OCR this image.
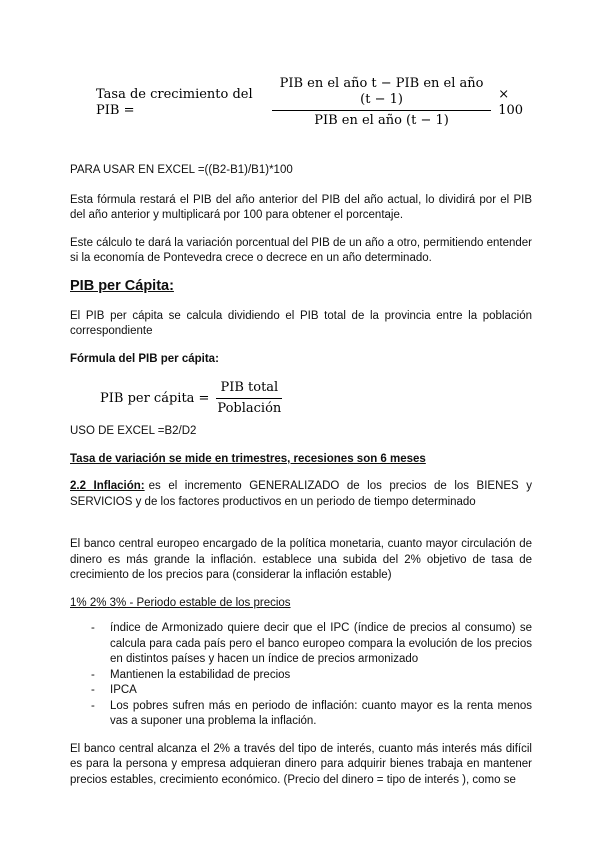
Tasa de crecimiento del PIB =	$\frac{\text{PIB en el año t − PIB en el año (t − 1)}}{\text{PIB en el año (t − 1)}} \times 100$

PARA USAR EN EXCEL =((B2-B1)/B1)*100

Esta fórmula restará el PIB del año anterior del PIB del año actual, lo dividirá por el PIB del año anterior y multiplicará por 100 para obtener el porcentaje.

Este cálculo te dará la variación porcentual del PIB de un año a otro, permitiendo entender si la economía de Pontevedra crece o decrece en un año determinado.

PIB per Cápita:

El PIB per cápita se calcula dividiendo el PIB total de la provincia entre la población correspondiente

Fórmula del PIB per cápita:
PIB per cápita = $\frac{\text{PIB total}}{\text{Población}}$

USO DE EXCEL =B2/D2

Tasa de variación se mide en trimestres, recesiones son 6 meses

2.2 Inflación: es el incremento GENERALIZADO de los precios de los BIENES y SERVICIOS y de los factores productivos en un periodo de tiempo determinado

El banco central europeo encargado de la política monetaria, cuanto mayor circulación de dinero es más grande la inflación. establece una subida del 2% objetivo de tasa de crecimiento de los precios para (considerar la inflación estable)

1% 2% 3% - Periodo estable de los precios
- índice de Armonizado quiere decir que el IPC (índice de precios al consumo) se calcula para cada país pero el banco europeo compara la evolución de los precios en distintos países y hacen un índice de precios armonizado
- Mantienen la estabilidad de precios
- IPCA
- Los pobres sufren más en periodo de inflación: cuanto mayor es la renta menos vas a suponer una problema la inflación.

El banco central alcanza el 2% a través del tipo de interés, cuanto más interés más difícil es para la persona y empresa adquieran dinero para adquirir bienes trabaja en mantener precios estables, crecimiento económico. (Precio del dinero = tipo de interés ), como se
